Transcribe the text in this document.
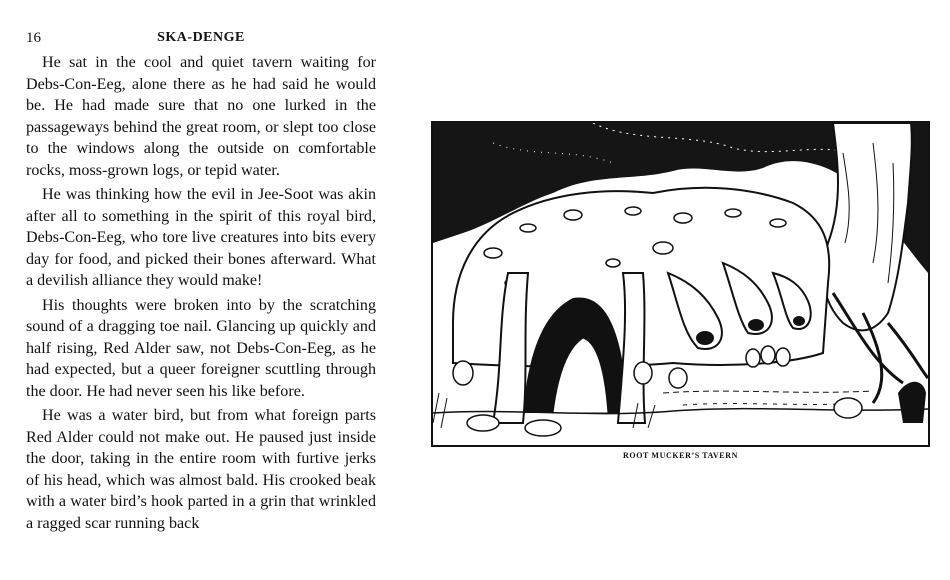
16	SKA-DENGE

He sat in the cool and quiet tavern waiting for Debs-Con-Eeg, alone there as he had said he would be. He had made sure that no one lurked in the passageways behind the great room, or slept too close to the windows along the outside on comfortable rocks, moss-grown logs, or tepid water.

He was thinking how the evil in Jee-Soot was akin after all to something in the spirit of this royal bird, Debs-Con-Eeg, who tore live creatures into bits every day for food, and picked their bones afterward. What a devilish alliance they would make!

His thoughts were broken into by the scratching sound of a dragging toe nail. Glancing up quickly and half rising, Red Alder saw, not Debs-Con-Eeg, as he had expected, but a queer foreigner scuttling through the door. He had never seen his like before.

He was a water bird, but from what foreign parts Red Alder could not make out. He paused just inside the door, taking in the entire room with furtive jerks of his head, which was almost bald. His crooked beak with a water bird’s hook parted in a grin that wrinkled a ragged scar running back

ROOT MUCKER’S TAVERN
